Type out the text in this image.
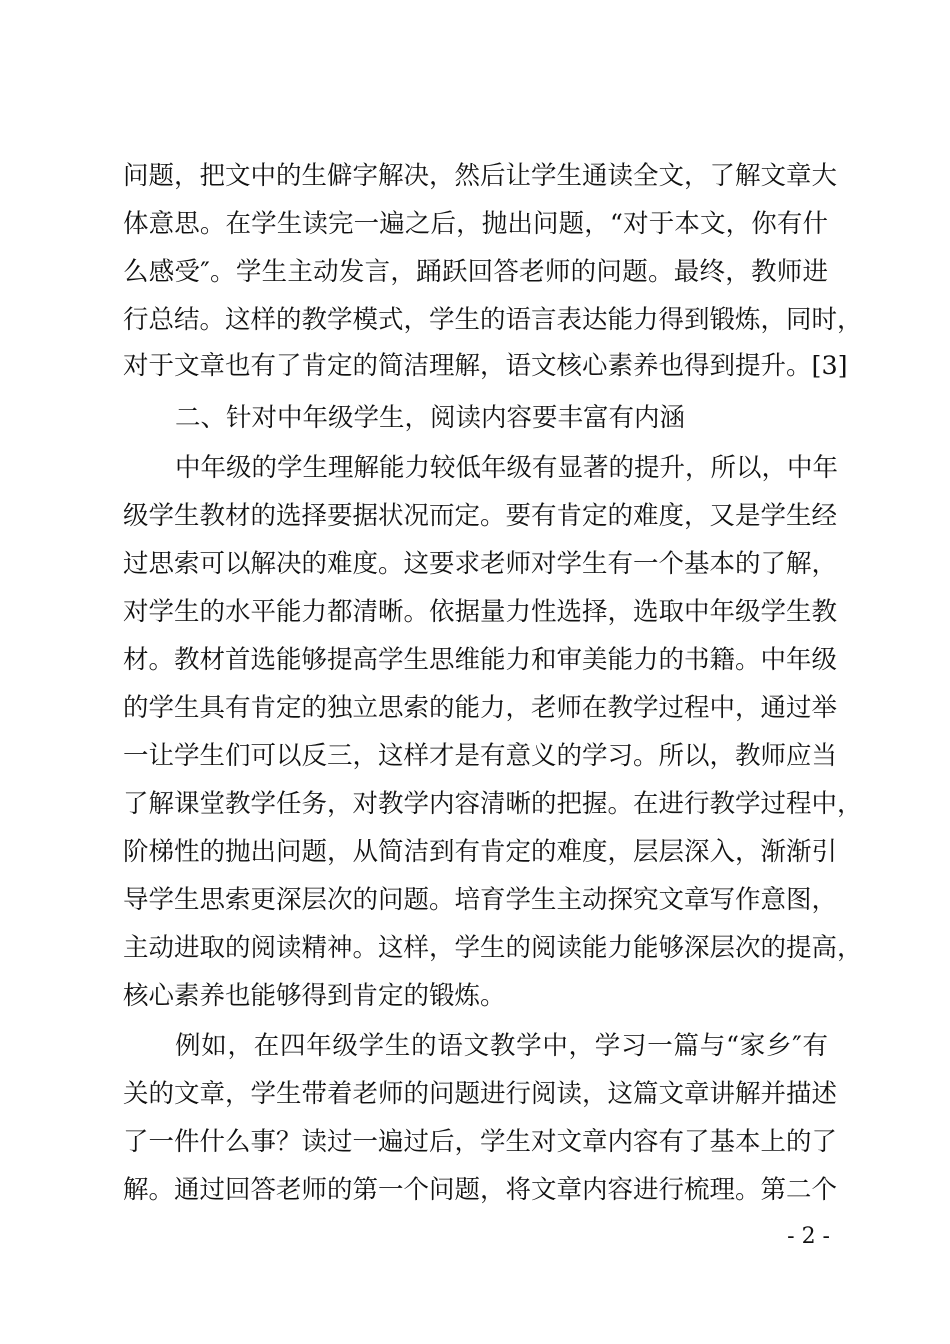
问题，把文中的生僻字解决，然后让学生通读全文，了解文章大
体意思。在学生读完一遍之后，抛出问题，“对于本文，你有什
么感受″。学生主动发言，踊跃回答老师的问题。最终，教师进
行总结。这样的教学模式，学生的语言表达能力得到锻炼，同时，
对于文章也有了肯定的简洁理解，语文核心素养也得到提升。[3]
二、针对中年级学生，阅读内容要丰富有内涵
中年级的学生理解能力较低年级有显著的提升，所以，中年
级学生教材的选择要据状况而定。要有肯定的难度，又是学生经
过思索可以解决的难度。这要求老师对学生有一个基本的了解，
对学生的水平能力都清晰。依据量力性选择，选取中年级学生教
材。教材首选能够提高学生思维能力和审美能力的书籍。中年级
的学生具有肯定的独立思索的能力，老师在教学过程中，通过举
一让学生们可以反三，这样才是有意义的学习。所以，教师应当
了解课堂教学任务，对教学内容清晰的把握。在进行教学过程中，
阶梯性的抛出问题，从简洁到有肯定的难度，层层深入，渐渐引
导学生思索更深层次的问题。培育学生主动探究文章写作意图，
主动进取的阅读精神。这样，学生的阅读能力能够深层次的提高，
核心素养也能够得到肯定的锻炼。
例如，在四年级学生的语文教学中，学习一篇与“家乡″有
关的文章，学生带着老师的问题进行阅读，这篇文章讲解并描述
了一件什么事？读过一遍过后，学生对文章内容有了基本上的了
解。通过回答老师的第一个问题，将文章内容进行梳理。第二个
- 2 -
